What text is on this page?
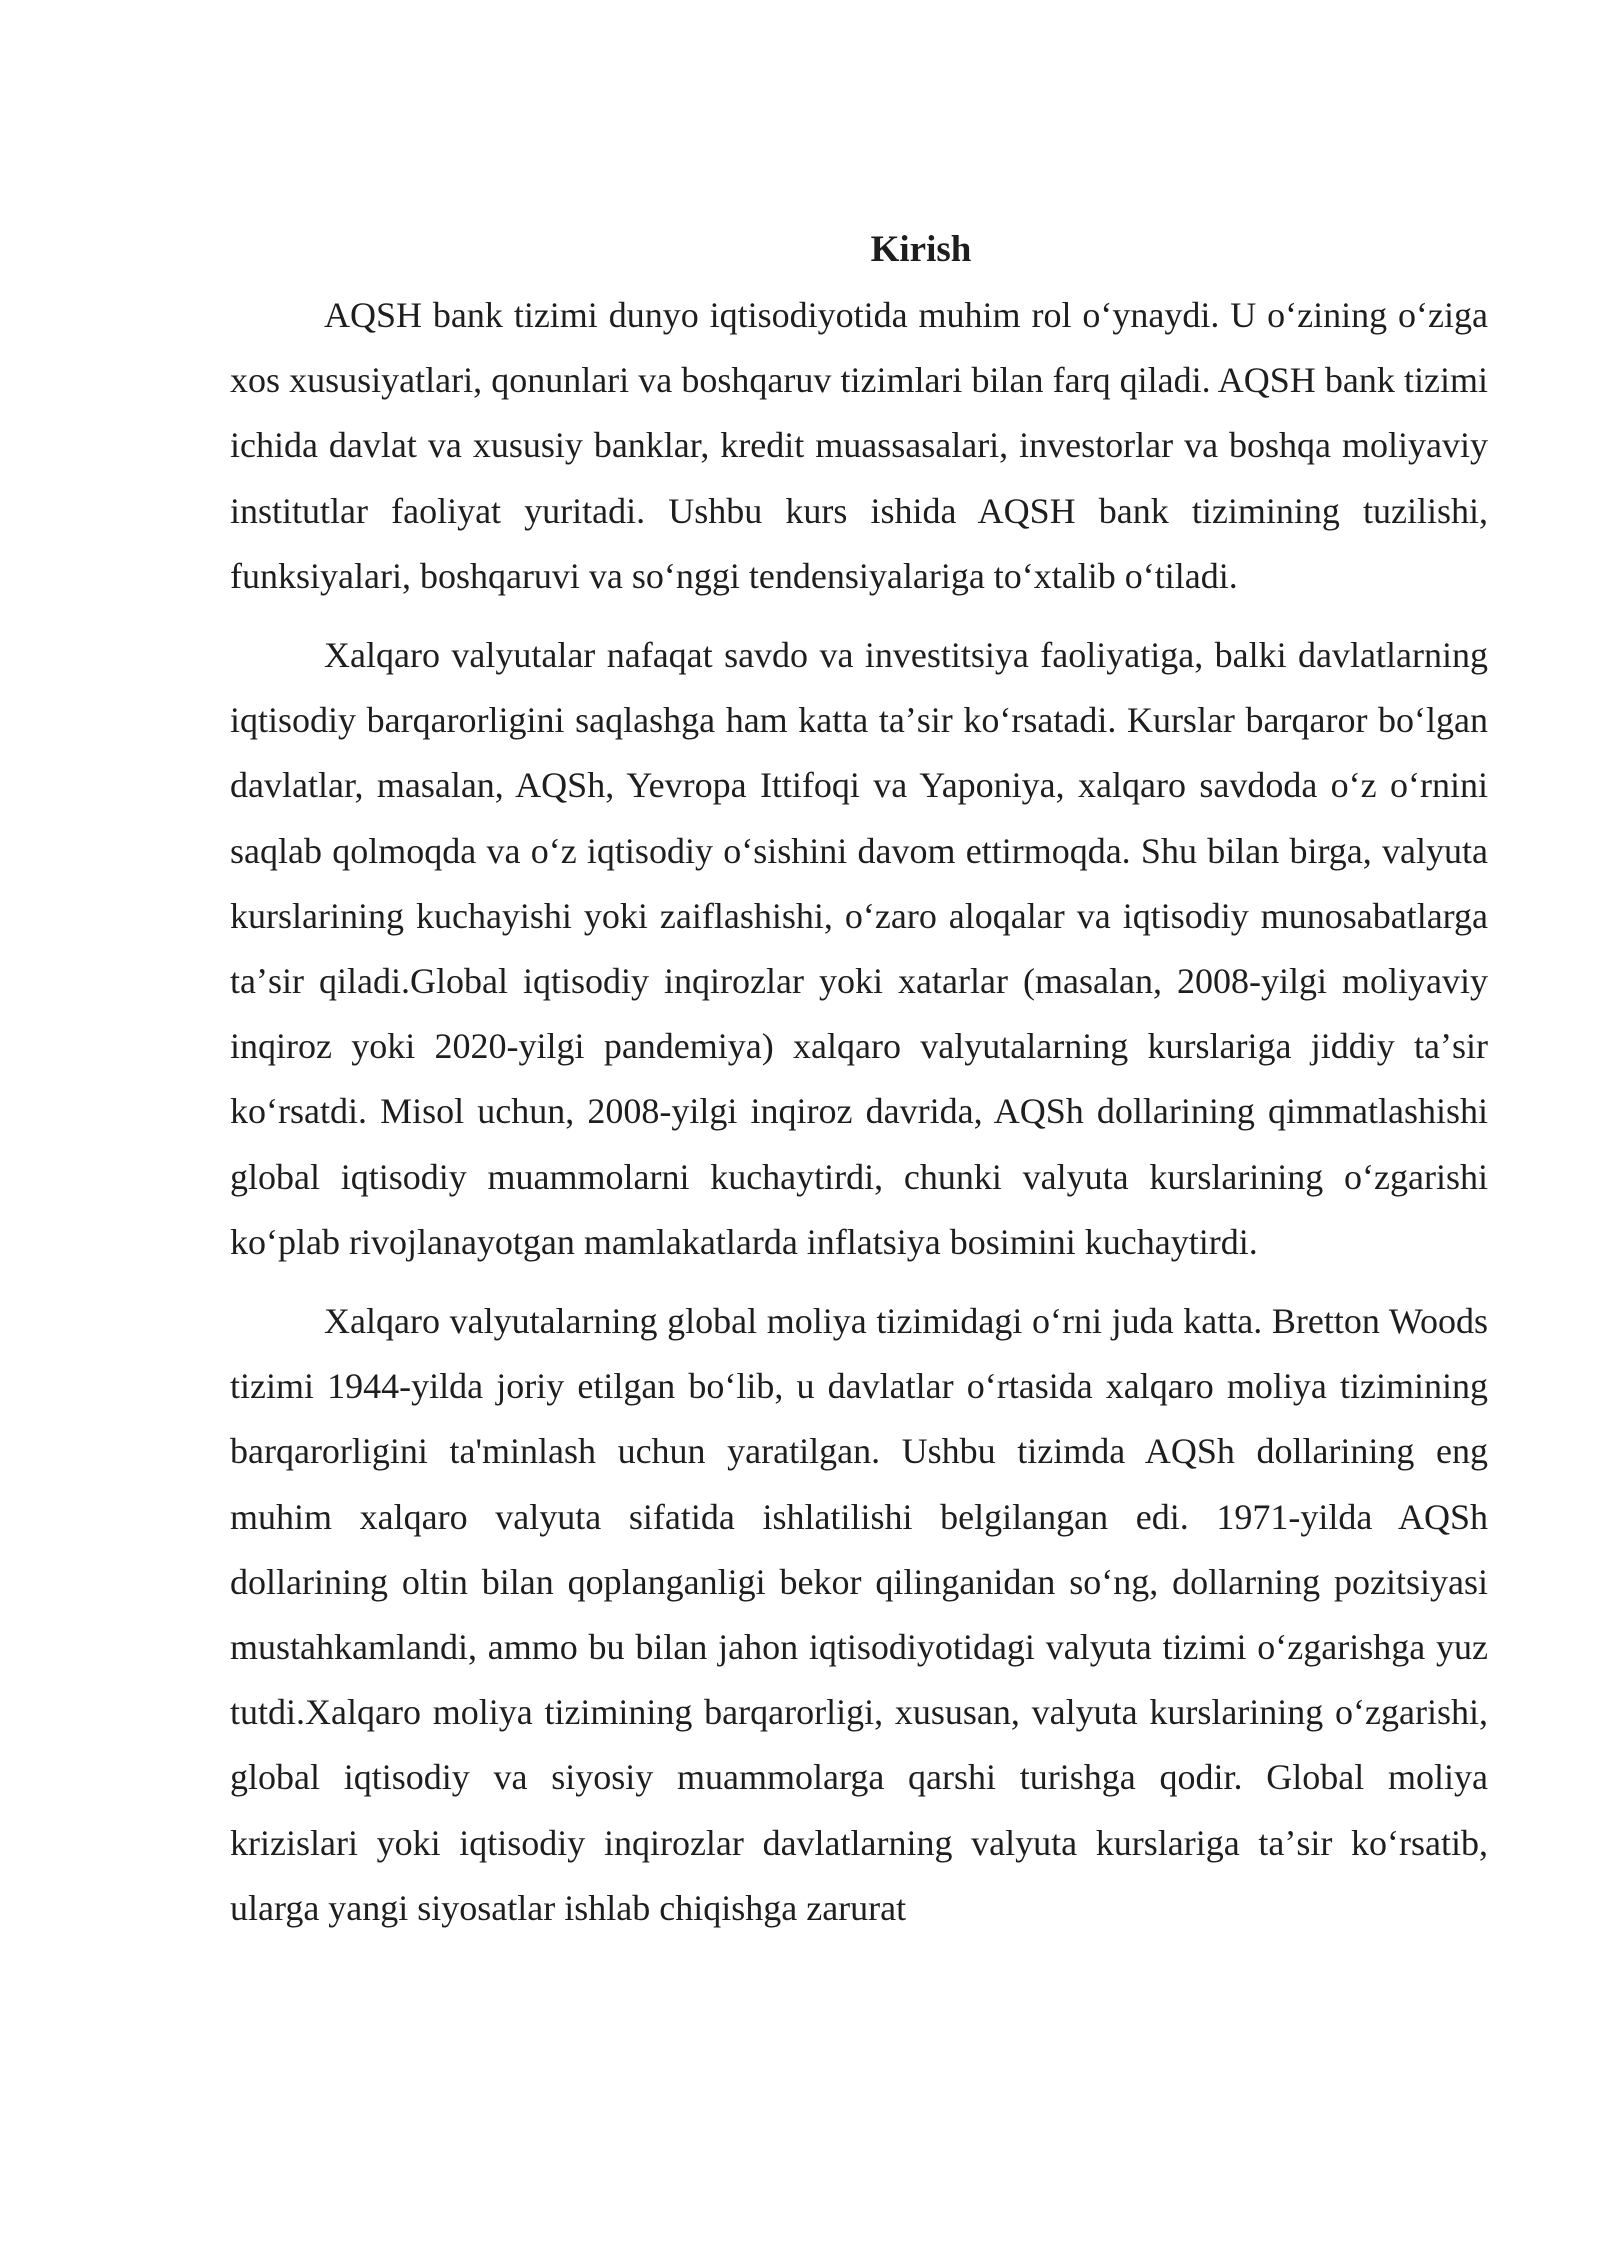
Kirish

AQSH bank tizimi dunyo iqtisodiyotida muhim rol oʻynaydi. U oʻzining oʻziga xos xususiyatlari, qonunlari va boshqaruv tizimlari bilan farq qiladi. AQSH bank tizimi ichida davlat va xususiy banklar, kredit muassasalari, investorlar va boshqa moliyaviy institutlar faoliyat yuritadi. Ushbu kurs ishida AQSH bank tizimining tuzilishi, funksiyalari, boshqaruvi va soʻnggi tendensiyalariga toʻxtalib oʻtiladi.

Xalqaro valyutalar nafaqat savdo va investitsiya faoliyatiga, balki davlatlarning iqtisodiy barqarorligini saqlashga ham katta taʼsir koʻrsatadi. Kurslar barqaror boʻlgan davlatlar, masalan, AQSh, Yevropa Ittifoqi va Yaponiya, xalqaro savdoda oʻz oʻrnini saqlab qolmoqda va oʻz iqtisodiy oʻsishini davom ettirmoqda. Shu bilan birga, valyuta kurslarining kuchayishi yoki zaiflashishi, oʻzaro aloqalar va iqtisodiy munosabatlarga taʼsir qiladi.Global iqtisodiy inqirozlar yoki xatarlar (masalan, 2008-yilgi moliyaviy inqiroz yoki 2020-yilgi pandemiya) xalqaro valyutalarning kurslariga jiddiy taʼsir koʻrsatdi. Misol uchun, 2008-yilgi inqiroz davrida, AQSh dollarining qimmatlashishi global iqtisodiy muammolarni kuchaytirdi, chunki valyuta kurslarining oʻzgarishi koʻplab rivojlanayotgan mamlakatlarda inflatsiya bosimini kuchaytirdi.

Xalqaro valyutalarning global moliya tizimidagi oʻrni juda katta. Bretton Woods tizimi 1944-yilda joriy etilgan boʻlib, u davlatlar oʻrtasida xalqaro moliya tizimining barqarorligini ta'minlash uchun yaratilgan. Ushbu tizimda AQSh dollarining eng muhim xalqaro valyuta sifatida ishlatilishi belgilangan edi. 1971-yilda AQSh dollarining oltin bilan qoplanganligi bekor qilinganidan soʻng, dollarning pozitsiyasi mustahkamlandi, ammo bu bilan jahon iqtisodiyotidagi valyuta tizimi oʻzgarishga yuz tutdi.Xalqaro moliya tizimining barqarorligi, xususan, valyuta kurslarining oʻzgarishi, global iqtisodiy va siyosiy muammolarga qarshi turishga qodir. Global moliya krizislari yoki iqtisodiy inqirozlar davlatlarning valyuta kurslariga taʼsir koʻrsatib, ularga yangi siyosatlar ishlab chiqishga zarurat
